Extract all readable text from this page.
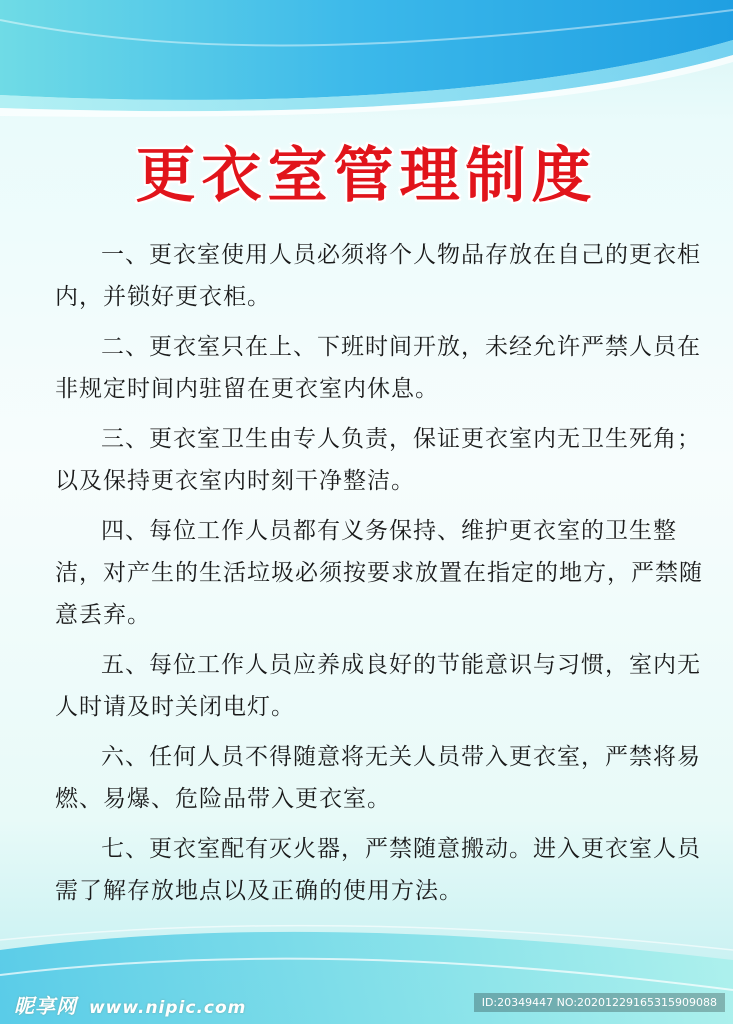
更衣室管理制度

一、更衣室使用人员必须将个人物品存放在自己的更衣柜内，并锁好更衣柜。

二、更衣室只在上、下班时间开放，未经允许严禁人员在非规定时间内驻留在更衣室内休息。

三、更衣室卫生由专人负责，保证更衣室内无卫生死角；以及保持更衣室内时刻干净整洁。

四、每位工作人员都有义务保持、维护更衣室的卫生整洁，对产生的生活垃圾必须按要求放置在指定的地方，严禁随意丢弃。

五、每位工作人员应养成良好的节能意识与习惯，室内无人时请及时关闭电灯。

六、任何人员不得随意将无关人员带入更衣室，严禁将易燃、易爆、危险品带入更衣室。

七、更衣室配有灭火器，严禁随意搬动。进入更衣室人员需了解存放地点以及正确的使用方法。

昵享网 www.nipic.com	ID:20349447 NO:20201229165315909088
